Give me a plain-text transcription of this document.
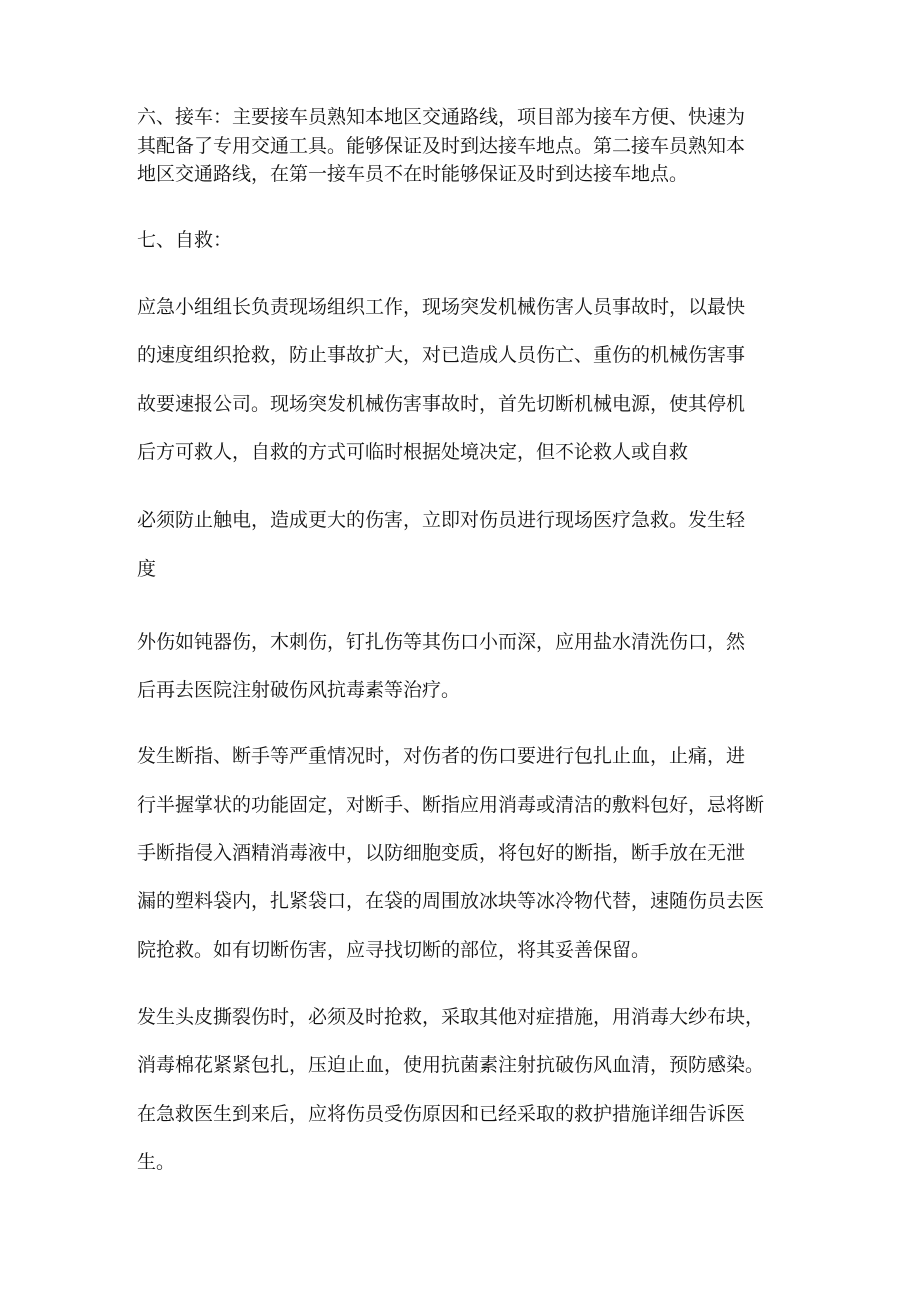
六、接车：主要接车员熟知本地区交通路线，项目部为接车方便、快速为

其配备了专用交通工具。能够保证及时到达接车地点。第二接车员熟知本

地区交通路线，在第一接车员不在时能够保证及时到达接车地点。

七、自救：

应急小组组长负责现场组织工作，现场突发机械伤害人员事故时，以最快

的速度组织抢救，防止事故扩大，对已造成人员伤亡、重伤的机械伤害事

故要速报公司。现场突发机械伤害事故时，首先切断机械电源，使其停机

后方可救人，自救的方式可临时根据处境决定，但不论救人或自救

必须防止触电，造成更大的伤害，立即对伤员进行现场医疗急救。发生轻

度

外伤如钝器伤，木刺伤，钉扎伤等其伤口小而深，应用盐水清洗伤口，然

后再去医院注射破伤风抗毒素等治疗。

发生断指、断手等严重情况时，对伤者的伤口要进行包扎止血，止痛，进

行半握掌状的功能固定，对断手、断指应用消毒或清洁的敷料包好，忌将断

手断指侵入酒精消毒液中，以防细胞变质，将包好的断指，断手放在无泄

漏的塑料袋内，扎紧袋口，在袋的周围放冰块等冰冷物代替，速随伤员去医

院抢救。如有切断伤害，应寻找切断的部位，将其妥善保留。

发生头皮撕裂伤时，必须及时抢救，采取其他对症措施，用消毒大纱布块，

消毒棉花紧紧包扎，压迫止血，使用抗菌素注射抗破伤风血清，预防感染。

在急救医生到来后，应将伤员受伤原因和已经采取的救护措施详细告诉医

生。
